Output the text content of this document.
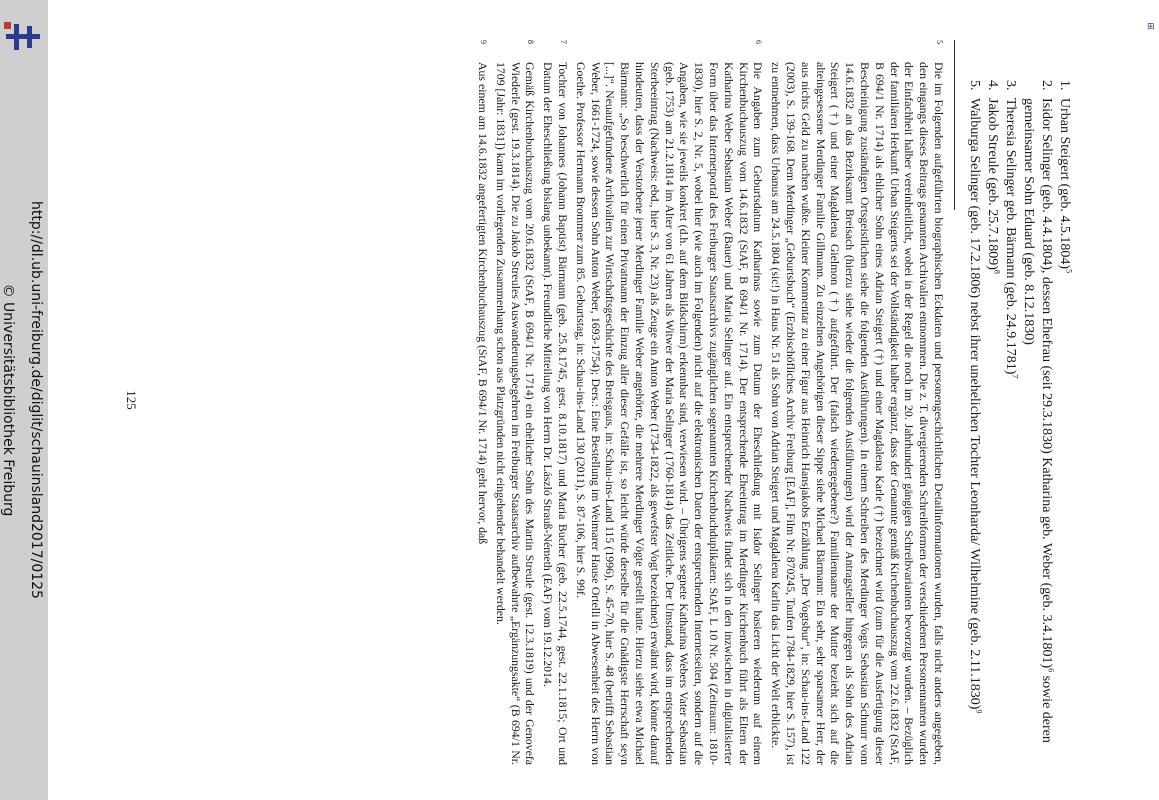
http://dl.ub.uni-freiburg.de/diglit/schauinsland2017/0125
© Universitätsbibliothek Freiburg
⊞
1.
Urban Steigert (geb. 4.5.1804)$^5$
2.
Isidor Selinger (geb. 4.4.1804), dessen Ehefrau (seit 29.3.1830) Katharina geb. Weber (geb. 3.4.1801)$^6$ sowie deren gemeinsamer Sohn Eduard (geb. 8.12.1830)
3.
Theresia Selinger geb. Bärmann (geb. 24.9.1781)$^7$
4.
Jakob Streule (geb. 25.7.1809)$^8$
5.
Walburga Selinger (geb. 17.2.1806) nebst ihrer unehelichen Tochter Leonharda/ Wilhelmine (geb. 2.11.1830)$^9$

5
Die im Folgenden aufgeführten biographischen Eckdaten und personengeschichtlichen Detailinformationen wurden, falls nicht anders angegeben, den eingangs dieses Beitrags genannten Archivalien entnommen. Die z. T. divergierenden Schreibformen der verschiedenen Personennamen wurden der Einfachheit halber vereinheitlicht, wobei in der Regel die noch im 20. Jahrhundert gängigen Schreibvarianten bevorzugt wurden. – Bezüglich der familiären Herkunft Urban Steigerts sei der Vollständigkeit halber ergänzt, dass der Genannte gemäß Kirchenbuchauszug vom 22.6.1832 (StAF, B 694/1 Nr. 1714) als ehlicher Sohn eines Adrian Steigert (†) und einer Magdalena Karle (†) bezeichnet wird (zum für die Ausfertigung dieser Bescheinigung zuständigen Ortsgeistlichen siehe die folgenden Ausführungen). In einem Schreiben des Merdinger Vogts Sebastian Schnurr vom 14.6.1832 an das Bezirksamt Breisach (hierzu siehe wieder die folgenden Ausführungen) wird der Antragsteller hingegen als Sohn des Adrian Steigert (†) und einer Magdalena Gielmon (†) aufgeführt. Der (falsch wiedergegebene?) Familienname der Mutter bezieht sich auf die alteingesessene Merdinger Familie Gillmann. Zu einzelnen Angehörigen dieser Sippe siehe Michael Bärmann: Ein sehr, sehr sparsamer Herr, der aus nichts Geld zu machen wußte. Kleiner Kommentar zu einer Figur aus Heinrich Hansjakobs Erzählung „Der Vogtsbur“, in: Schau-ins-Land 122 (2003), S. 139-168. Dem Merdinger „Geburtsbuch“ (Erzbischöfliches Archiv Freiburg [EAF], Film Nr. 870245, Taufen 1784-1829, hier S. 157), ist zu entnehmen, dass Urbanus am 24.5.1804 (sic!) in Haus Nr. 51 als Sohn von Adrian Steigert und Magdalena Karlin das Licht der Welt erblickte.

6
Die Angaben zum Geburtsdatum Katharinas sowie zum Datum der Eheschließung mit Isidor Selinger basieren wiederum auf einem Kirchenbuchauszug vom 14.6.1832 (StAF, B 694/1 Nr. 1714). Der entsprechende Eheeintrag im Merdinger Kirchenbuch führt als Eltern der Katharina Weber Sebastian Weber (Bauer) und Maria Selinger auf. Ein entsprechender Nachweis findet sich in den inzwischen in digitalisierter Form über das Internetportal des Freiburger Staatsarchivs zugänglichen sogenannten Kirchenbuchduplikaten: StAF, L 10 Nr. 504 (Zeitraum: 1810-1830), hier S. 2, Nr. 5, wobei hier (wie auch im Folgenden) nicht auf die elektronischen Daten der entsprechenden Internetseiten, sondern auf die Angaben, wie sie jeweils konkret (d.h. auf dem Bildschirm) erkennbar sind, verwiesen wird. – Übrigens segnete Katharina Webers Vater Sebastian (geb. 1753) am 21.2.1814 im Alter von 61 Jahren als Witwer der Maria Selinger (1760-1814) das Zeitliche. Der Umstand, dass im entsprechenden Sterbeeintrag (Nachweis: ebd., hier S. 3, Nr. 23) als Zeuge ein Anton Weber (1734-1822, als gewefster Vogt bezeichnet) erwähnt wird, könnte darauf hindeuten, dass der Verstorbene jener Merdinger Familie Weber angehörte, die mehrere Merdinger Vögte gestellt hatte. Hierzu siehe etwa Michael Bärmann: „So beschwerlich für einen Privatmann der Einzug aller dieser Gefälle ist, so leicht würde derselbe für die Gnädigste Herrschaft seyn [...]“. Neuaufgefundene Archivalien zur Wirtschaftsgeschichte des Breisgaus, in: Schau-ins-Land 115 (1996), S. 45-70, hier S. 48 (betrifft Sebastian Weber, 1661-1724, sowie dessen Sohn Anton Weber, 1693-1754); Ders.: Eine Bestellung im Weimarer Hause Ortelli in Abwesenheit des Herrn von Goethe. Professor Hermann Brommer zum 85. Geburtstag, in: Schau-ins-Land 130 (2011), S. 87-106, hier S. 99f.

7
Tochter von Johannes (Johann Baptist) Bärmann (geb. 25.8.1745, gest. 8.10.1817) und Maria Bucher (geb. 22.5.1744, gest. 22.1.1815; Ort und Datum der Eheschließung bislang unbekannt). Freundliche Mitteilung von Herrn Dr. László Strauß-Németh (EAF) vom 19.12.2014.

8
Gemäß Kirchenbuchauszug vom 20.6.1832 (StAF, B 694/1 Nr. 1714) ein ehelicher Sohn des Martin Streule (gest. 12.3.1819) und der Genovefa Wiederle (gest. 19.3.1814). Die zu Jakob Streules Auswanderungsbegehren im Freiburger Staatsarchiv aufbewahrte „Ergänzungsakte“ (B 694/1 Nr. 1709 [Jahr: 1831]) kann im vorliegenden Zusammenhang schon aus Platzgründen nicht eingehender behandelt werden.

9
Aus einem am 14.6.1832 angefertigten Kirchenbuchauszug (StAF, B 694/1 Nr. 1714) geht hervor, daß

125
